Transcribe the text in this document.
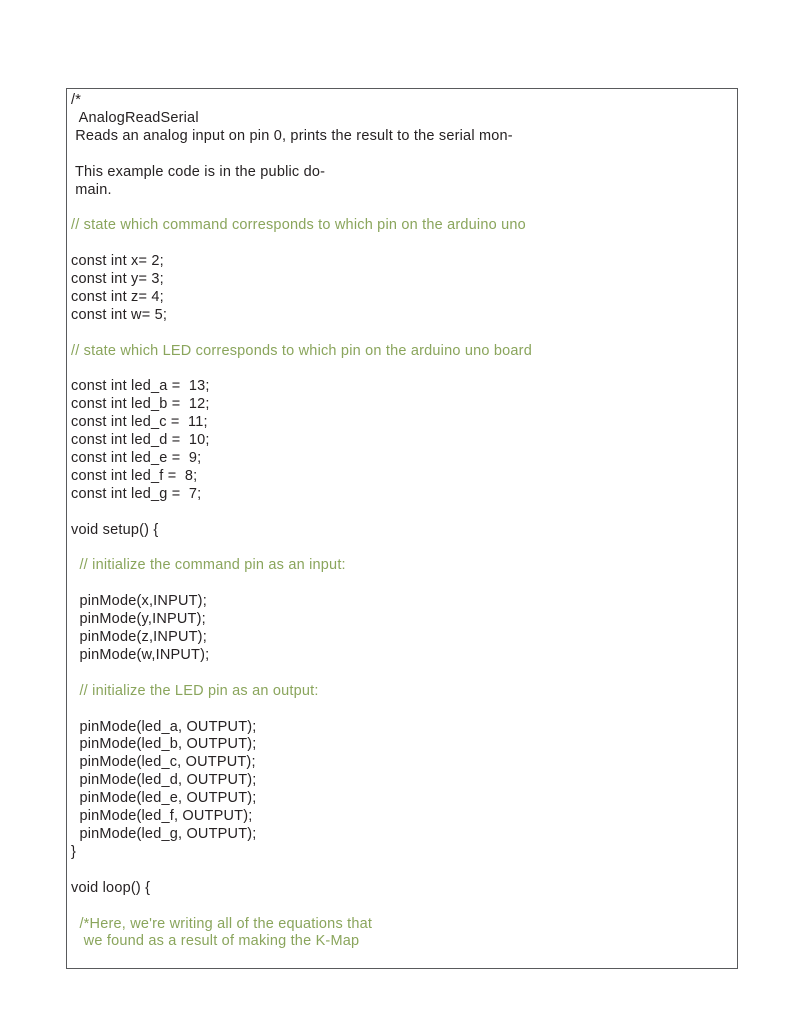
/*
AnalogReadSerial
Reads an analog input on pin 0, prints the result to the serial mon-
This example code is in the public do-
main.
// state which command corresponds to which pin on the arduino uno
const int x= 2;
const int y= 3;
const int z= 4;
const int w= 5;
// state which LED corresponds to which pin on the arduino uno board
const int led_a =  13;
const int led_b =  12;
const int led_c =  11;
const int led_d =  10;
const int led_e =  9;
const int led_f =  8;
const int led_g =  7;
void setup() {
// initialize the command pin as an input:
pinMode(x,INPUT);
pinMode(y,INPUT);
pinMode(z,INPUT);
pinMode(w,INPUT);
// initialize the LED pin as an output:
pinMode(led_a, OUTPUT);
pinMode(led_b, OUTPUT);
pinMode(led_c, OUTPUT);
pinMode(led_d, OUTPUT);
pinMode(led_e, OUTPUT);
pinMode(led_f, OUTPUT);
pinMode(led_g, OUTPUT);
}
void loop() {
/*Here, we're writing all of the equations that
we found as a result of making the K-Map
